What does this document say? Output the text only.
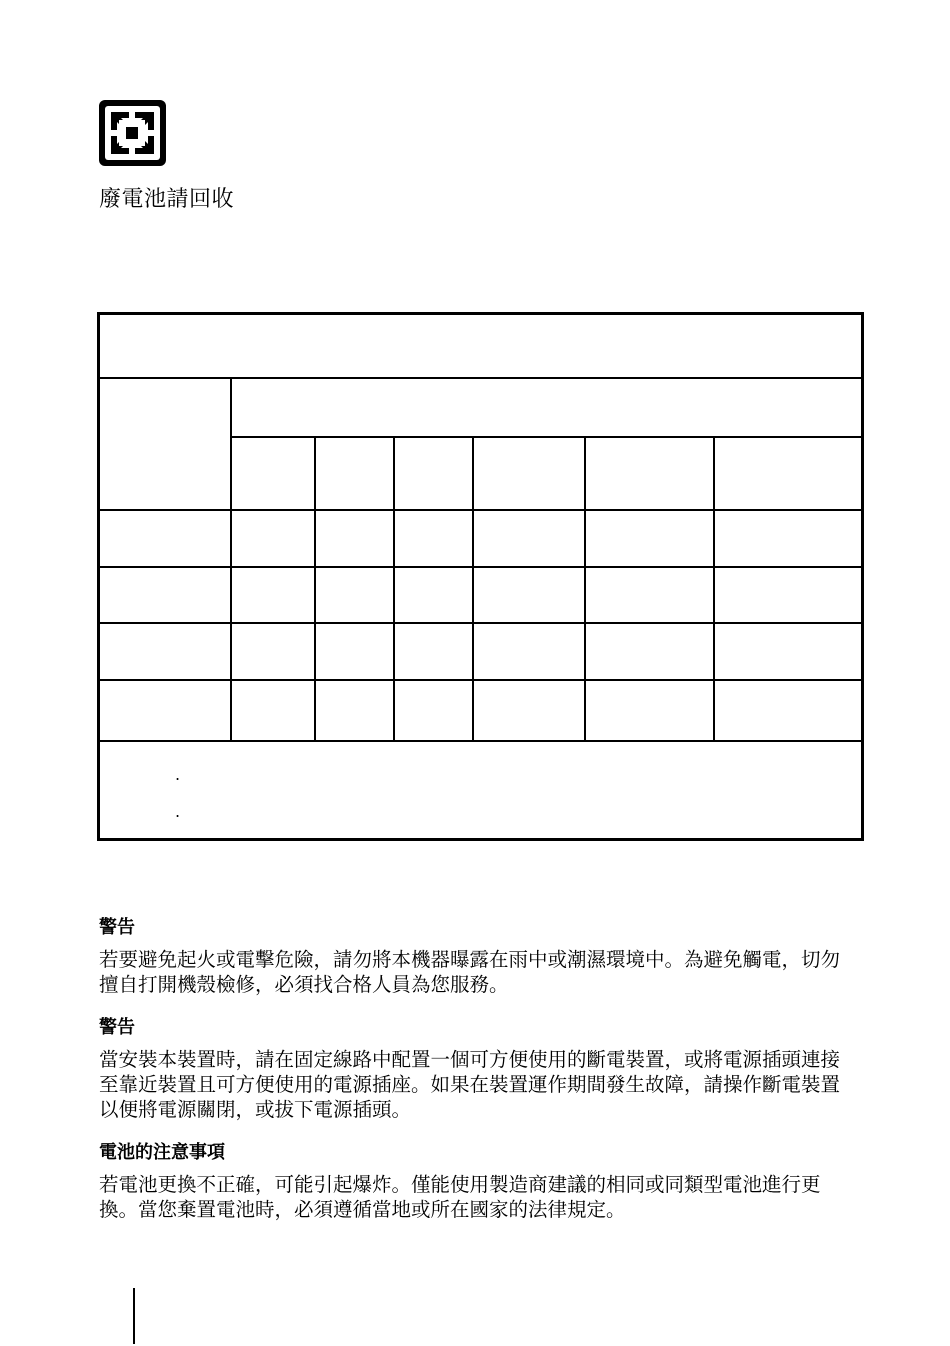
廢電池請回收
.
.

警告

若要避免起火或電擊危險，請勿將本機器曝露在雨中或潮濕環境中。為避免觸電，切勿擅自打開機殼檢修，必須找合格人員為您服務。

警告

當安裝本裝置時，請在固定線路中配置一個可方便使用的斷電裝置，或將電源插頭連接至靠近裝置且可方便使用的電源插座。如果在裝置運作期間發生故障，請操作斷電裝置以便將電源關閉，或拔下電源插頭。

電池的注意事項

若電池更換不正確，可能引起爆炸。僅能使用製造商建議的相同或同類型電池進行更換。當您棄置電池時，必須遵循當地或所在國家的法律規定。
